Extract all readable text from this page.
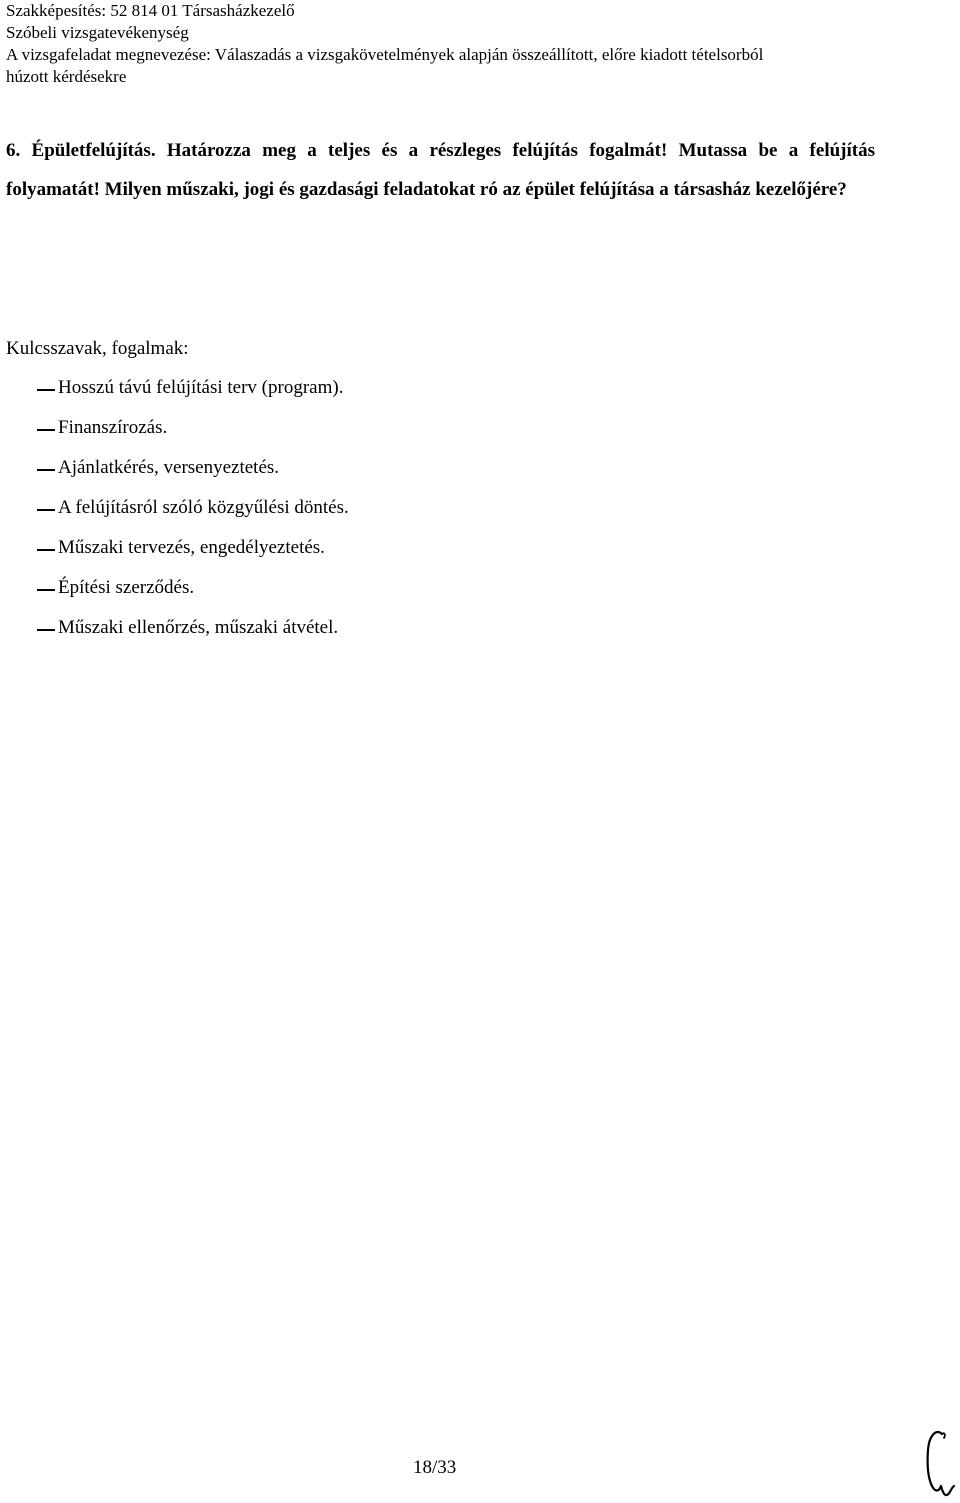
Szakképesítés: 52 814 01 Társasházkezelő
Szóbeli vizsgatevékenység
A vizsgafeladat megnevezése: Válaszadás a vizsgakövetelmények alapján összeállított, előre kiadott tételsorból
húzott kérdésekre
6. Épületfelújítás. Határozza meg a teljes és a részleges felújítás fogalmát! Mutassa be a felújítás folyamatát! Milyen műszaki, jogi és gazdasági feladatokat ró az épület felújítása a társasház kezelőjére?
Kulcsszavak, fogalmak:
Hosszú távú felújítási terv (program).
Finanszírozás.
Ajánlatkérés, versenyeztetés.
A felújításról szóló közgyűlési döntés.
Műszaki tervezés, engedélyeztetés.
Építési szerződés.
Műszaki ellenőrzés, műszaki átvétel.
18/33
